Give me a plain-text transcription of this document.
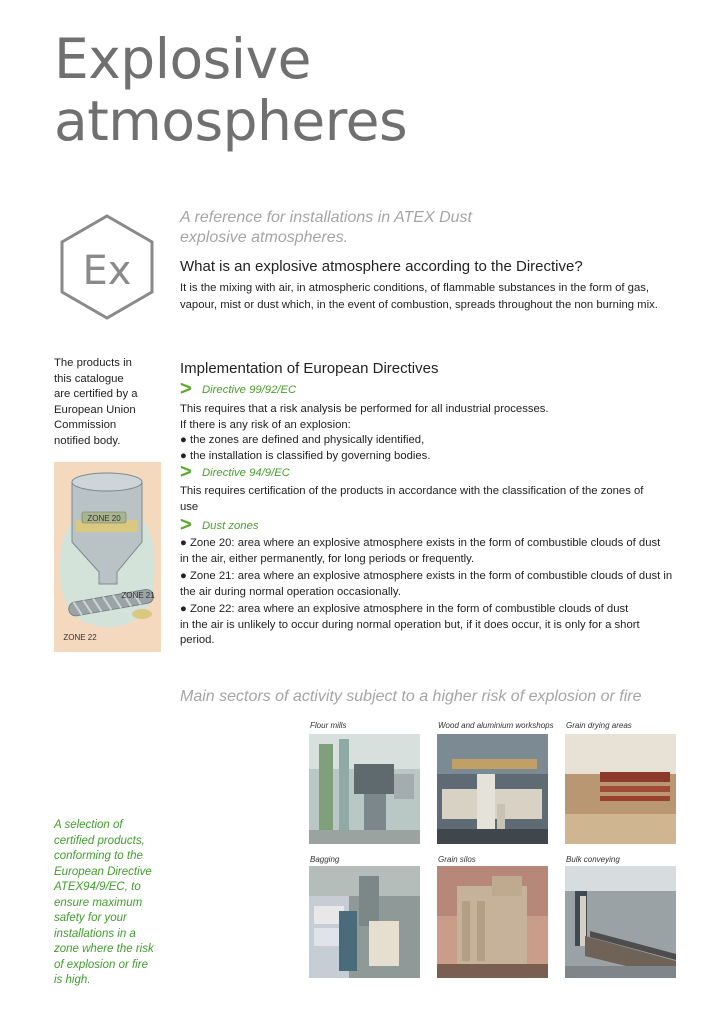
Explosive
atmospheres
Ex
A reference for installations in ATEX Dust
explosive atmospheres.
What is an explosive atmosphere according to the Directive?
It is the mixing with air, in atmospheric conditions, of flammable substances in the form of gas,
vapour, mist or dust which, in the event of combustion, spreads throughout the non burning mix.
The products in
this catalogue
are certified by a
European Union
Commission
notified body.
ZONE 20
ZONE 21
ZONE 22
Implementation of European Directives
> Directive 99/92/EC

This requires that a risk analysis be performed for all industrial processes.

If there is any risk of an explosion:

● the zones are defined and physically identified,

● the installation is classified by governing bodies.

> Directive 94/9/EC

This requires certification of the products in accordance with the classification of the zones of

use

> Dust zones

● Zone 20: area where an explosive atmosphere exists in the form of combustible clouds of dust

in the air, either permanently, for long periods or frequently.

● Zone 21: area where an explosive atmosphere exists in the form of combustible clouds of dust in

the air during normal operation occasionally.

● Zone 22: area where an explosive atmosphere in the form of combustible clouds of dust

in the air is unlikely to occur during normal operation but, if it does occur, it is only for a short

period.

Main sectors of activity subject to a higher risk of explosion or fire
Flour mills	Wood and aluminium workshops Grain drying areas
Bagging	Grain silos	Bulk conveying
A selection of
certified products,
conforming to the
European Directive
ATEX94/9/EC, to
ensure maximum
safety for your
installations in a
zone where the risk
of explosion or fire
is high.
